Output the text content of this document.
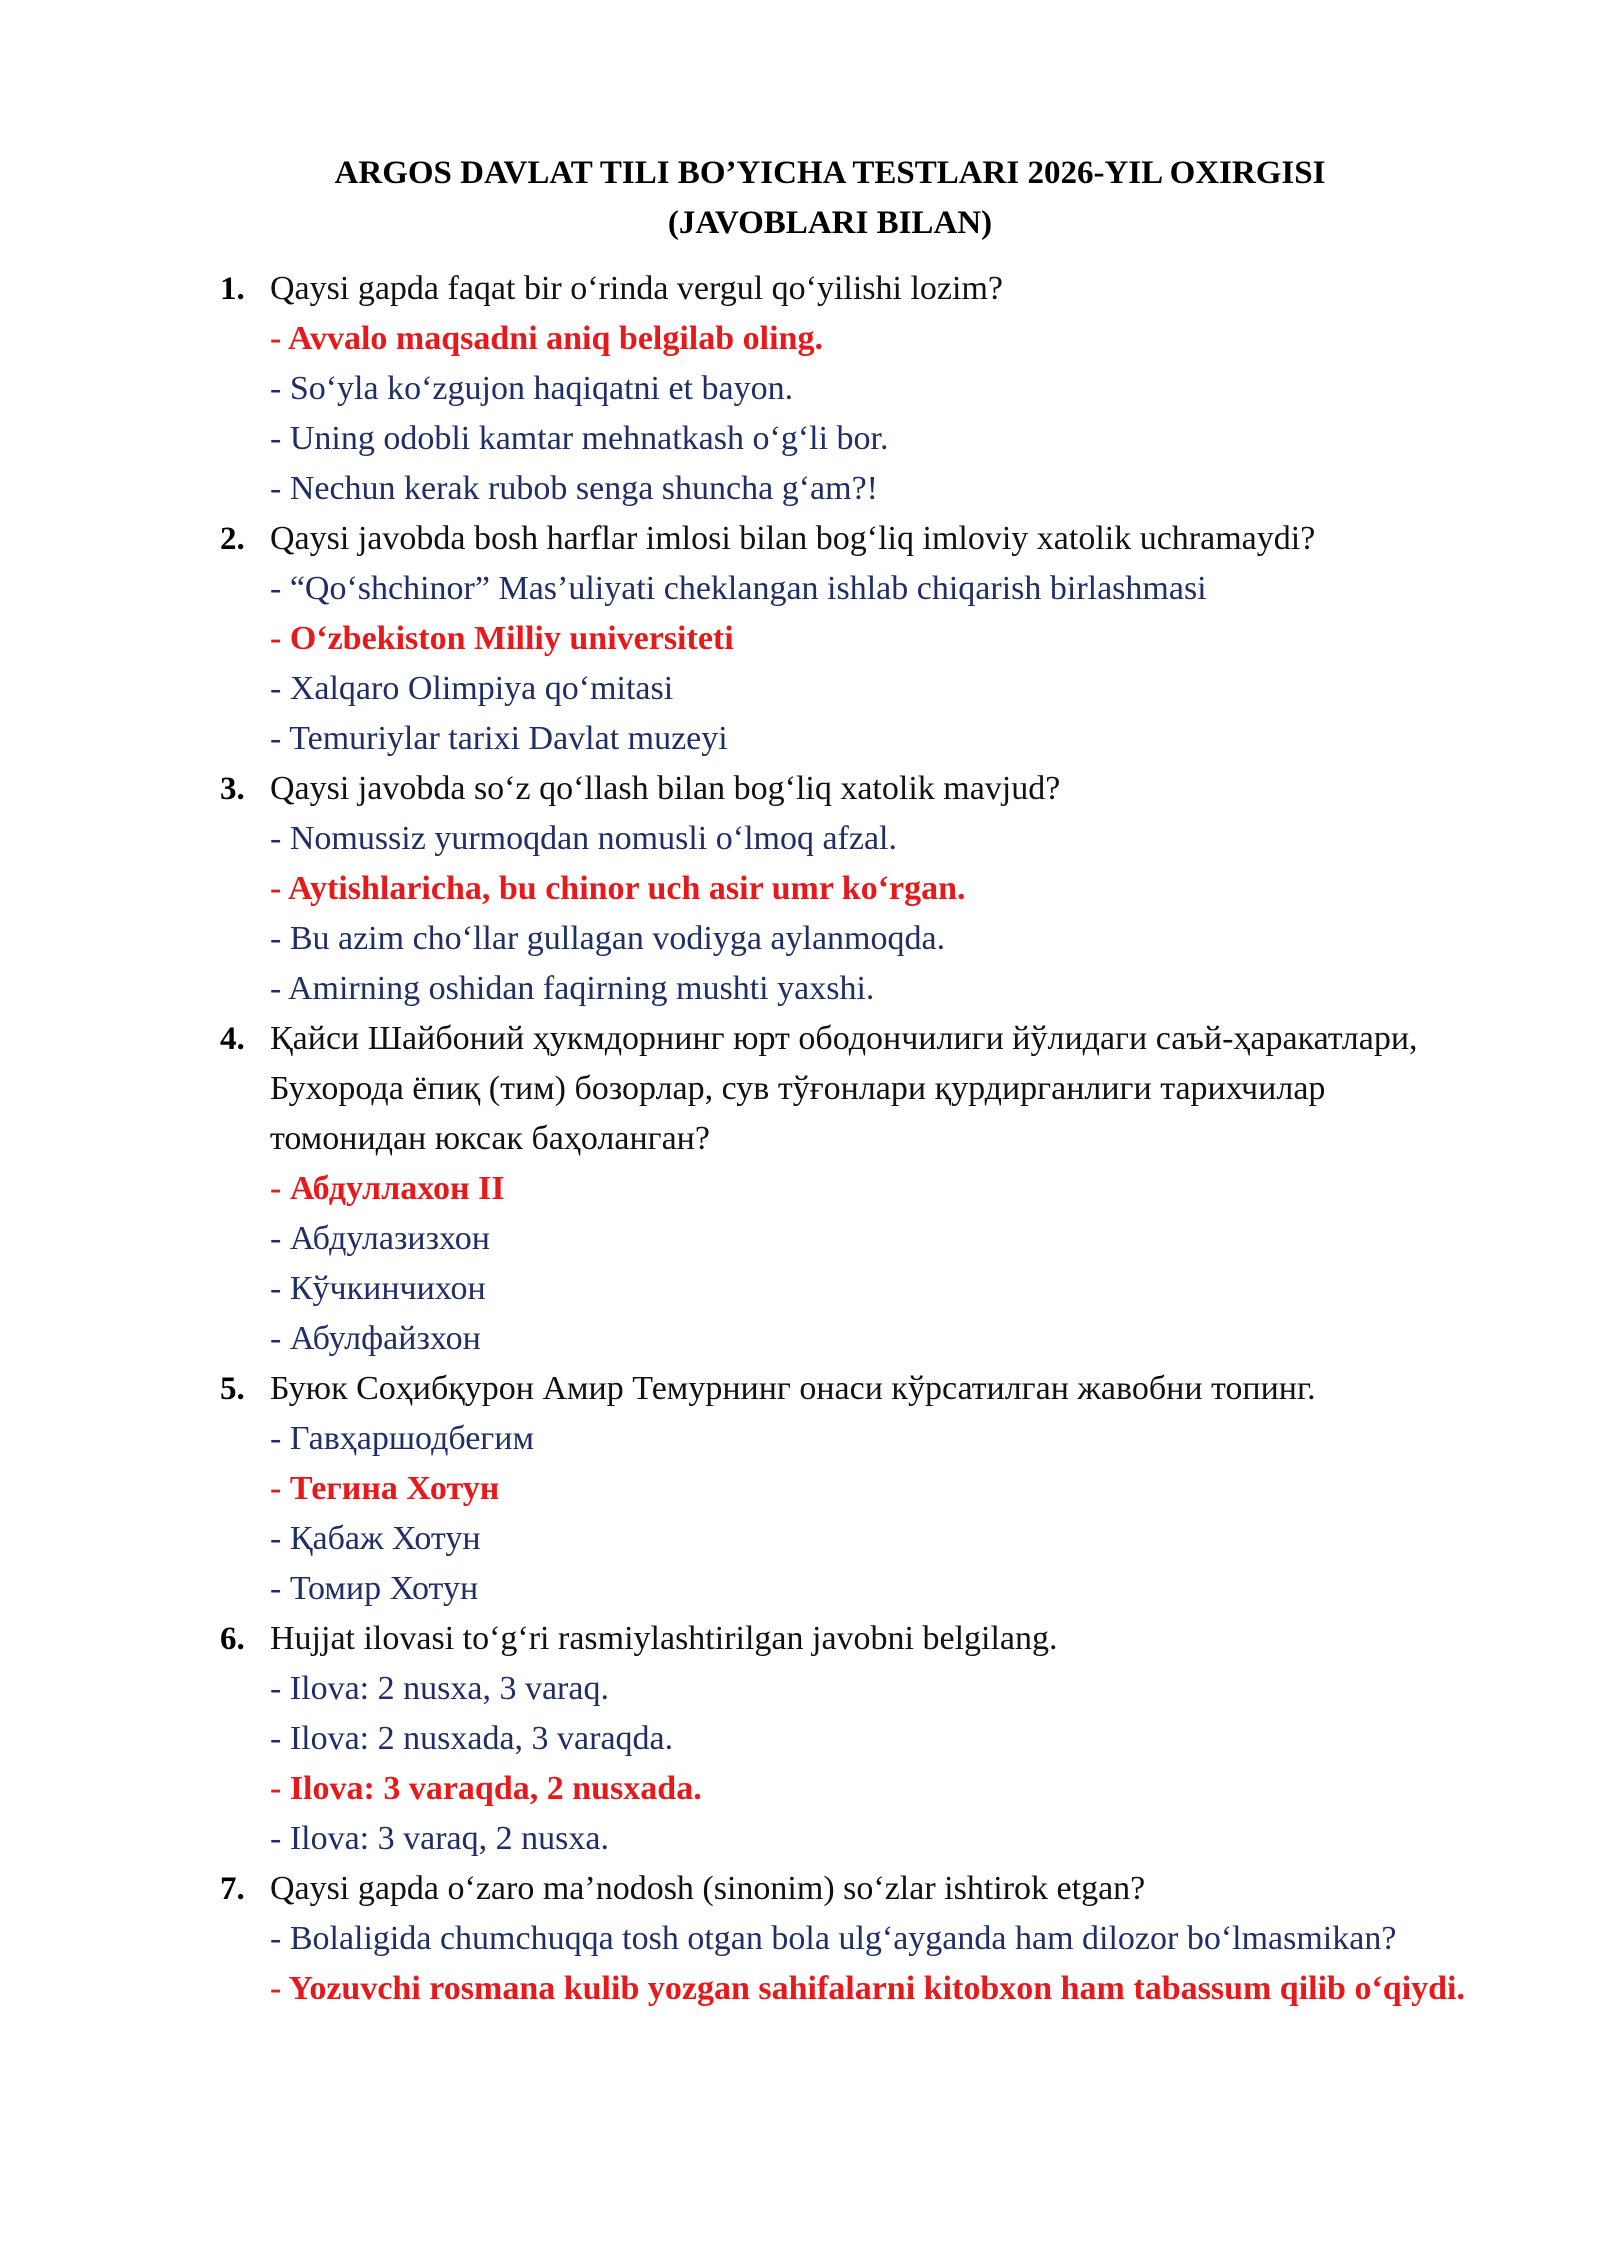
ARGOS DAVLAT TILI BO’YICHA TESTLARI 2026-YIL OXIRGISI
(JAVOBLARI BILAN)
1. Qaysi gapda faqat bir oʻrinda vergul qoʻyilishi lozim?
- Avvalo maqsadni aniq belgilab oling.
- Soʻyla koʻzgujon haqiqatni et bayon.
- Uning odobli kamtar mehnatkash oʻgʻli bor.
- Nechun kerak rubob senga shuncha gʻam?!
2. Qaysi javobda bosh harflar imlosi bilan bogʻliq imloviy xatolik uchramaydi?
- “Qoʻshchinor” Mas’uliyati cheklangan ishlab chiqarish birlashmasi
- Oʻzbekiston Milliy universiteti
- Xalqaro Olimpiya qoʻmitasi
- Temuriylar tarixi Davlat muzeyi
3. Qaysi javobda soʻz qoʻllash bilan bogʻliq xatolik mavjud?
- Nomussiz yurmoqdan nomusli oʻlmoq afzal.
- Aytishlaricha, bu chinor uch asir umr koʻrgan.
- Bu azim choʻllar gullagan vodiyga aylanmoqda.
- Amirning oshidan faqirning mushti yaxshi.
4. Қайси Шайбоний ҳукмдорнинг юрт ободончилиги йўлидаги саъй-ҳаракатлари, Бухорода ёпиқ (тим) бозорлар, сув тўғонлари қурдирганлиги тарихчилар томонидан юксак баҳоланган?
- Абдуллахон II
- Абдулазизхон
- Кўчкинчихон
- Абулфайзхон
5. Буюк Соҳибқурон Амир Темурнинг онаси кўрсатилган жавобни топинг.
- Гавҳаршодбегим
- Тегина Хотун
- Қабаж Хотун
- Томир Хотун
6. Hujjat ilovasi toʻgʻri rasmiylashtirilgan javobni belgilang.
- Ilova: 2 nusxa, 3 varaq.
- Ilova: 2 nusxada, 3 varaqda.
- Ilova: 3 varaqda, 2 nusxada.
- Ilova: 3 varaq, 2 nusxa.
7. Qaysi gapda oʻzaro ma’nodosh (sinonim) soʻzlar ishtirok etgan?
- Bolaligida chumchuqqa tosh otgan bola ulgʻayganda ham dilozor boʻlmasmikan?
- Yozuvchi rosmana kulib yozgan sahifalarni kitobxon ham tabassum qilib oʻqiydi.
